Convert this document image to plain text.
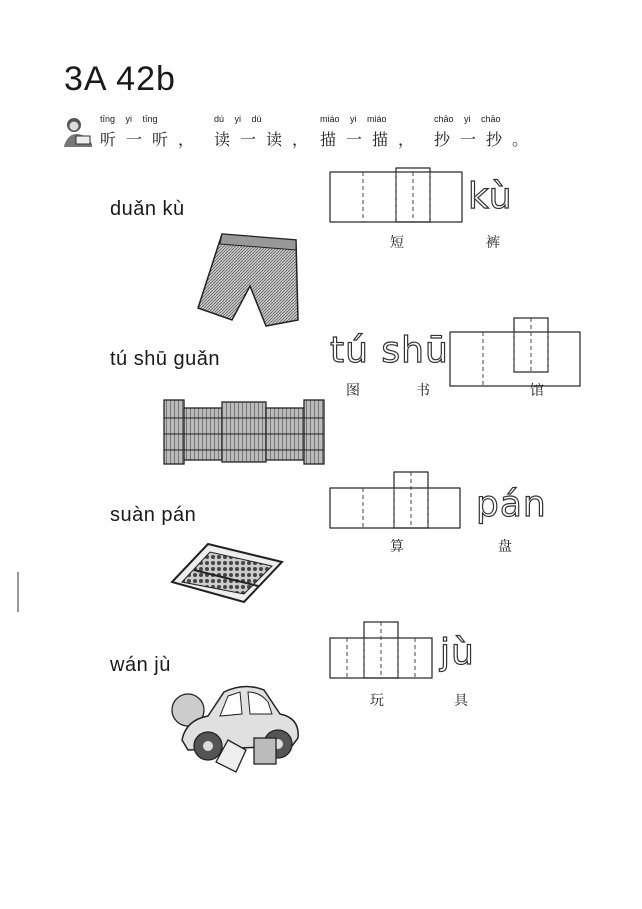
3A 42b
tīng yi tīng
听一听，
dú yi dú
读一读，
miáo yi miáo
描一描，
chāo yi chāo
抄一抄。
duǎn kù	kù
短	裤
tú shū guǎn	tú shū
图	书	馆
suàn pán	pán
算	盘
wán jù	jù
玩	具
